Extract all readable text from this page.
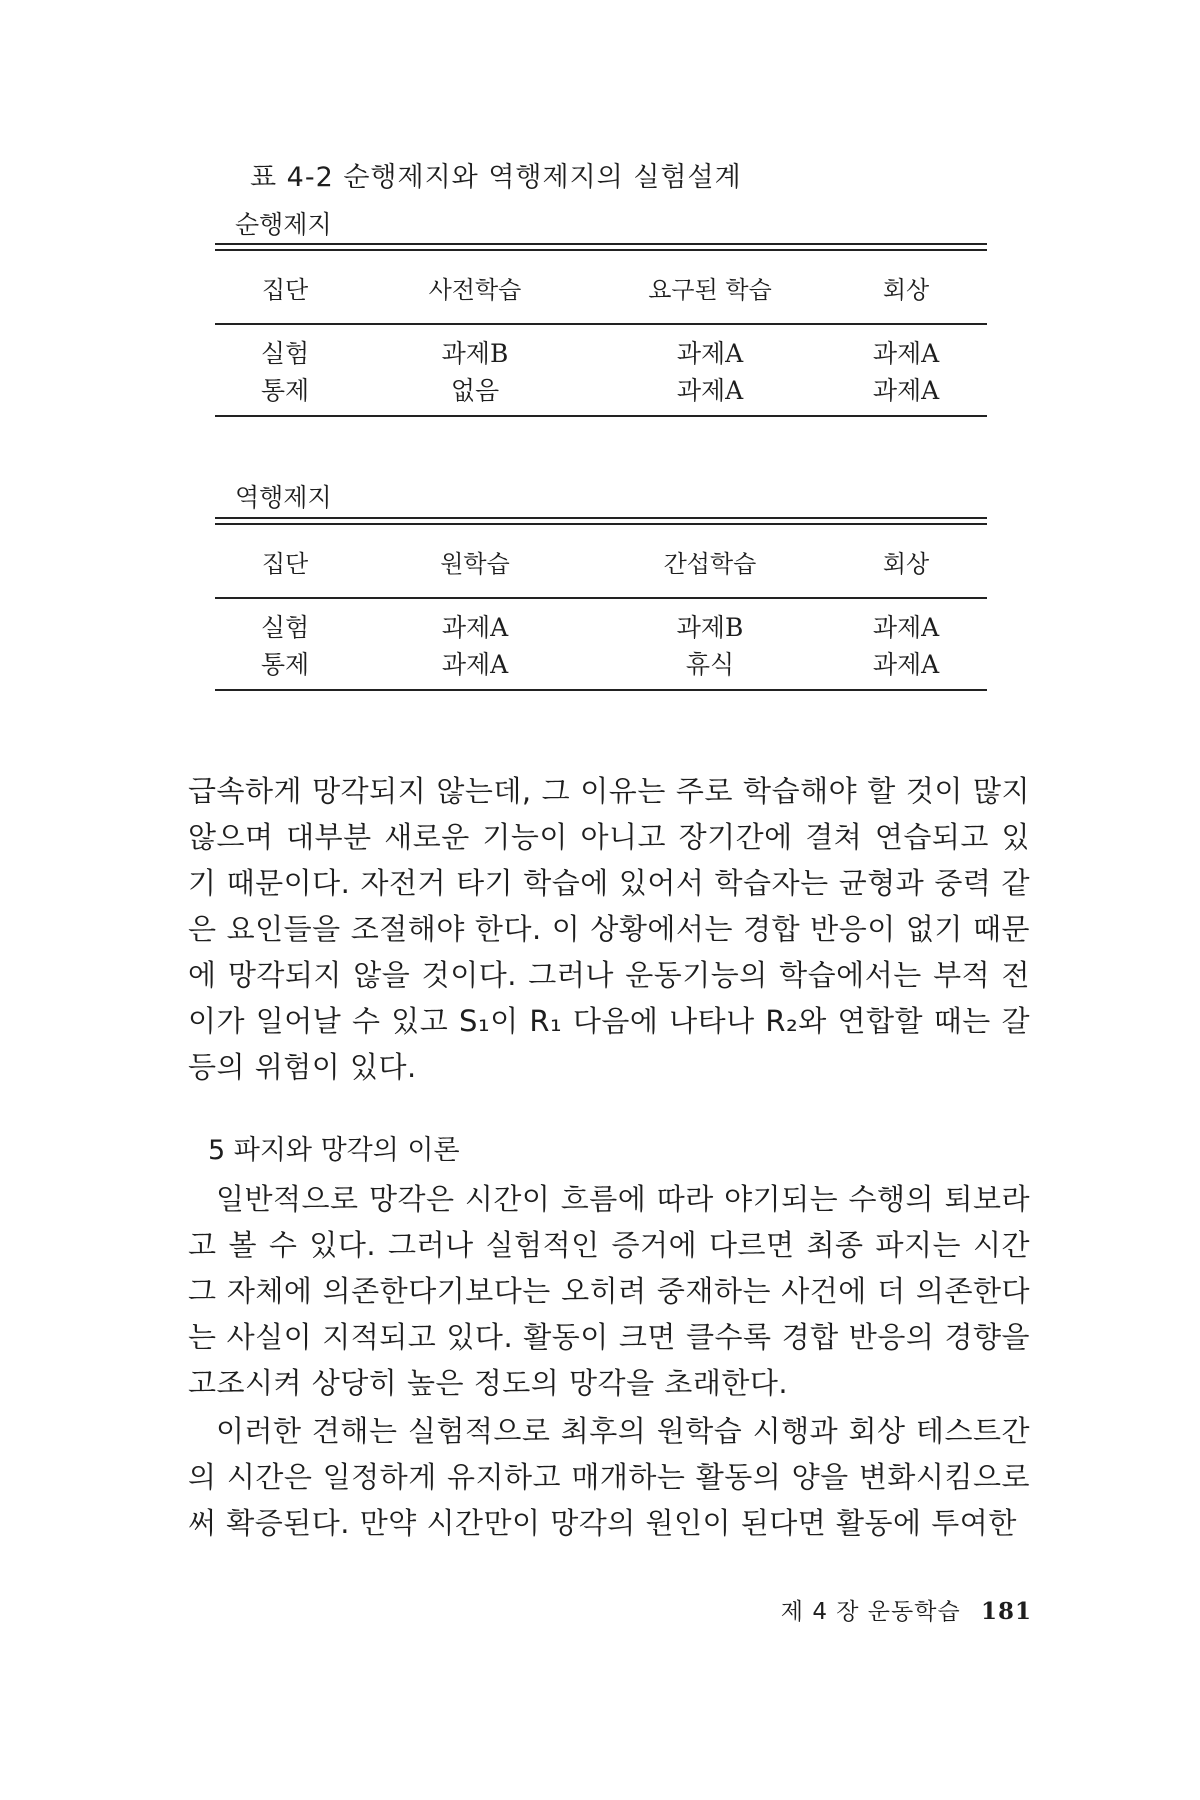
표 4-2 순행제지와 역행제지의 실험설계
순행제지
집단	사전학습	요구된 학습	회상
실험	과제B	과제A	과제A
통제	없음	과제A	과제A
역행제지
집단	원학습	간섭학습	회상
실험	과제A	과제B	과제A
통제	과제A	휴식	과제A
급속하게 망각되지 않는데, 그 이유는 주로 학습해야 할 것이 많지 않으며 대부분 새로운 기능이 아니고 장기간에 결쳐 연습되고 있기 때문이다. 자전거 타기 학습에 있어서 학습자는 균형과 중력 같은 요인들을 조절해야 한다. 이 상황에서는 경합 반응이 없기 때문에 망각되지 않을 것이다. 그러나 운동기능의 학습에서는 부적 전이가 일어날 수 있고 S₁이 R₁ 다음에 나타나 R₂와 연합할 때는 갈등의 위험이 있다.
5 파지와 망각의 이론
일반적으로 망각은 시간이 흐름에 따라 야기되는 수행의 퇴보라고 볼 수 있다. 그러나 실험적인 증거에 다르면 최종 파지는 시간 그 자체에 의존한다기보다는 오히려 중재하는 사건에 더 의존한다는 사실이 지적되고 있다. 활동이 크면 클수록 경합 반응의 경향을 고조시켜 상당히 높은 정도의 망각을 초래한다.
이러한 견해는 실험적으로 최후의 원학습 시행과 회상 테스트간의 시간은 일정하게 유지하고 매개하는 활동의 양을 변화시킴으로써 확증된다. 만약 시간만이 망각의 원인이 된다면 활동에 투여한
제 4 장 운동학습 181
